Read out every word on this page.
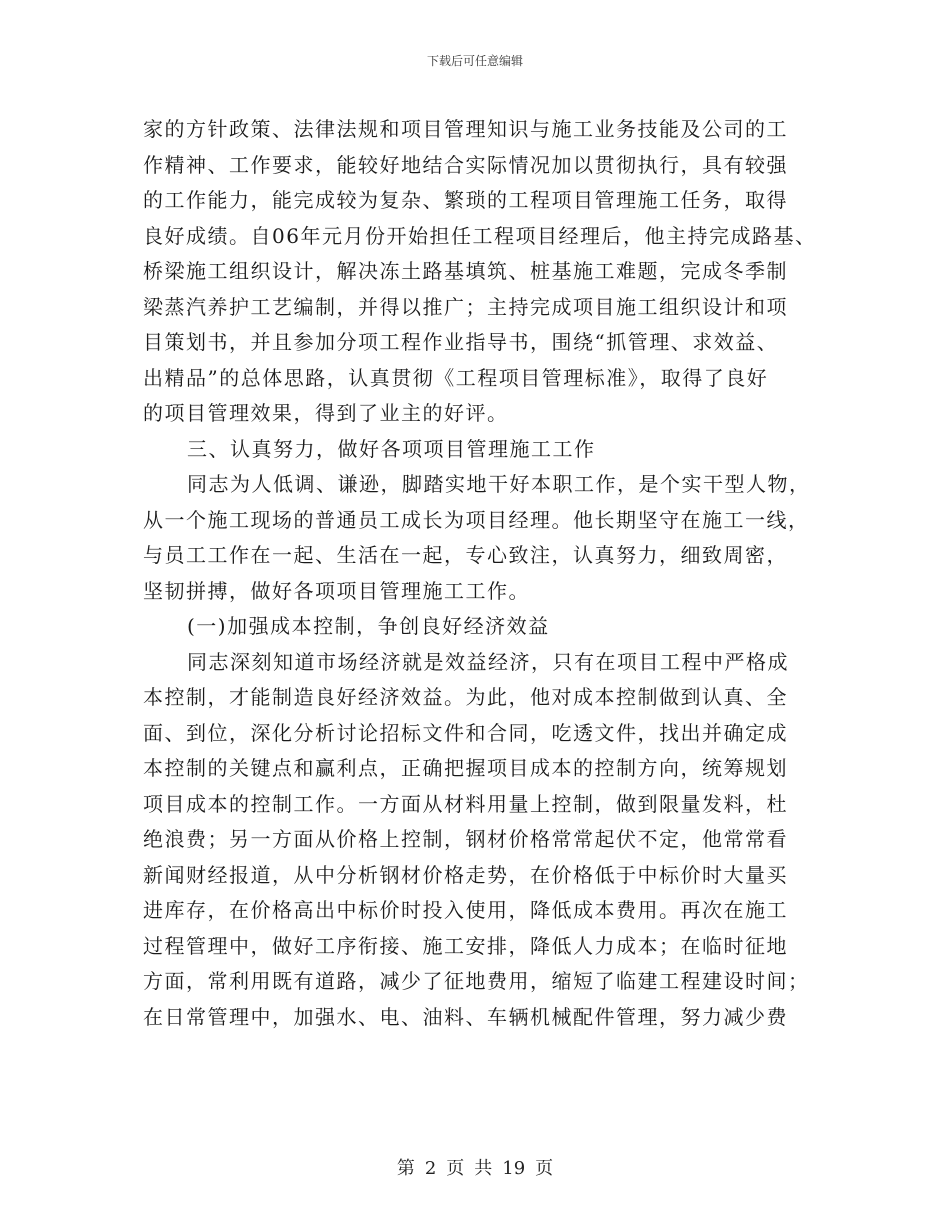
下载后可任意编辑
家的方针政策、法律法规和项目管理知识与施工业务技能及公司的工
作精神、工作要求，能较好地结合实际情况加以贯彻执行，具有较强
的工作能力，能完成较为复杂、繁琐的工程项目管理施工任务，取得
良好成绩。自06年元月份开始担任工程项目经理后，他主持完成路基、
桥梁施工组织设计，解决冻土路基填筑、桩基施工难题，完成冬季制
梁蒸汽养护工艺编制，并得以推广；主持完成项目施工组织设计和项
目策划书，并且参加分项工程作业指导书，围绕“抓管理、求效益、
出精品”的总体思路，认真贯彻《工程项目管理标准》，取得了良好
的项目管理效果，得到了业主的好评。
三、认真努力，做好各项项目管理施工工作
同志为人低调、谦逊，脚踏实地干好本职工作，是个实干型人物，
从一个施工现场的普通员工成长为项目经理。他长期坚守在施工一线，
与员工工作在一起、生活在一起，专心致注，认真努力，细致周密，
坚韧拼搏，做好各项项目管理施工工作。
(一)加强成本控制，争创良好经济效益
同志深刻知道市场经济就是效益经济，只有在项目工程中严格成
本控制，才能制造良好经济效益。为此，他对成本控制做到认真、全
面、到位，深化分析讨论招标文件和合同，吃透文件，找出并确定成
本控制的关键点和赢利点，正确把握项目成本的控制方向，统筹规划
项目成本的控制工作。一方面从材料用量上控制，做到限量发料，杜
绝浪费；另一方面从价格上控制，钢材价格常常起伏不定，他常常看
新闻财经报道，从中分析钢材价格走势，在价格低于中标价时大量买
进库存，在价格高出中标价时投入使用，降低成本费用。再次在施工
过程管理中，做好工序衔接、施工安排，降低人力成本；在临时征地
方面，常利用既有道路，减少了征地费用，缩短了临建工程建设时间；
在日常管理中，加强水、电、油料、车辆机械配件管理，努力减少费
第 2 页 共 19 页
